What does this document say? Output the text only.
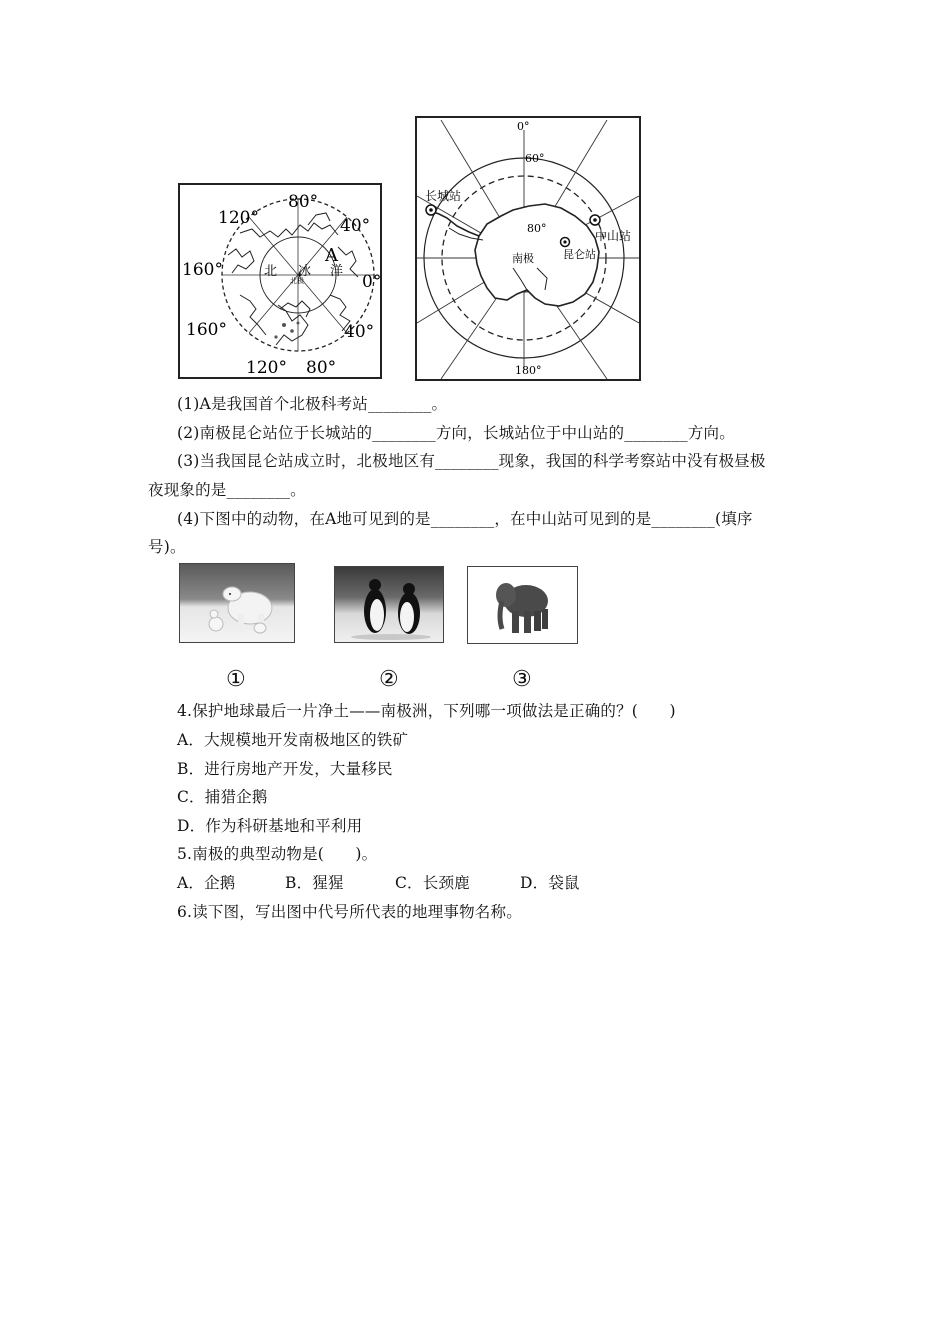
80°
120°	40°
160°
0°
160°	40°
120° 80°
A
北 冰 洋
北极
0°
60°
80°
180°
长城站
中山站
昆仑站
南极
(1)A是我国首个北极科考站________。
(2)南极昆仑站位于长城站的________方向，长城站位于中山站的________方向。
(3)当我国昆仑站成立时，北极地区有________现象，我国的科学考察站中没有极昼极
夜现象的是________。
(4)下图中的动物，在A地可见到的是________，在中山站可见到的是________(填序
号)。
①	②	③
4.保护地球最后一片净土——南极洲，下列哪一项做法是正确的？(　　)
A．大规模地开发南极地区的铁矿
B．进行房地产开发，大量移民
C．捕猎企鹅
D．作为科研基地和平利用
5.南极的典型动物是(　　)。
A．企鹅	B．猩猩	C．长颈鹿	D．袋鼠
6.读下图，写出图中代号所代表的地理事物名称。
